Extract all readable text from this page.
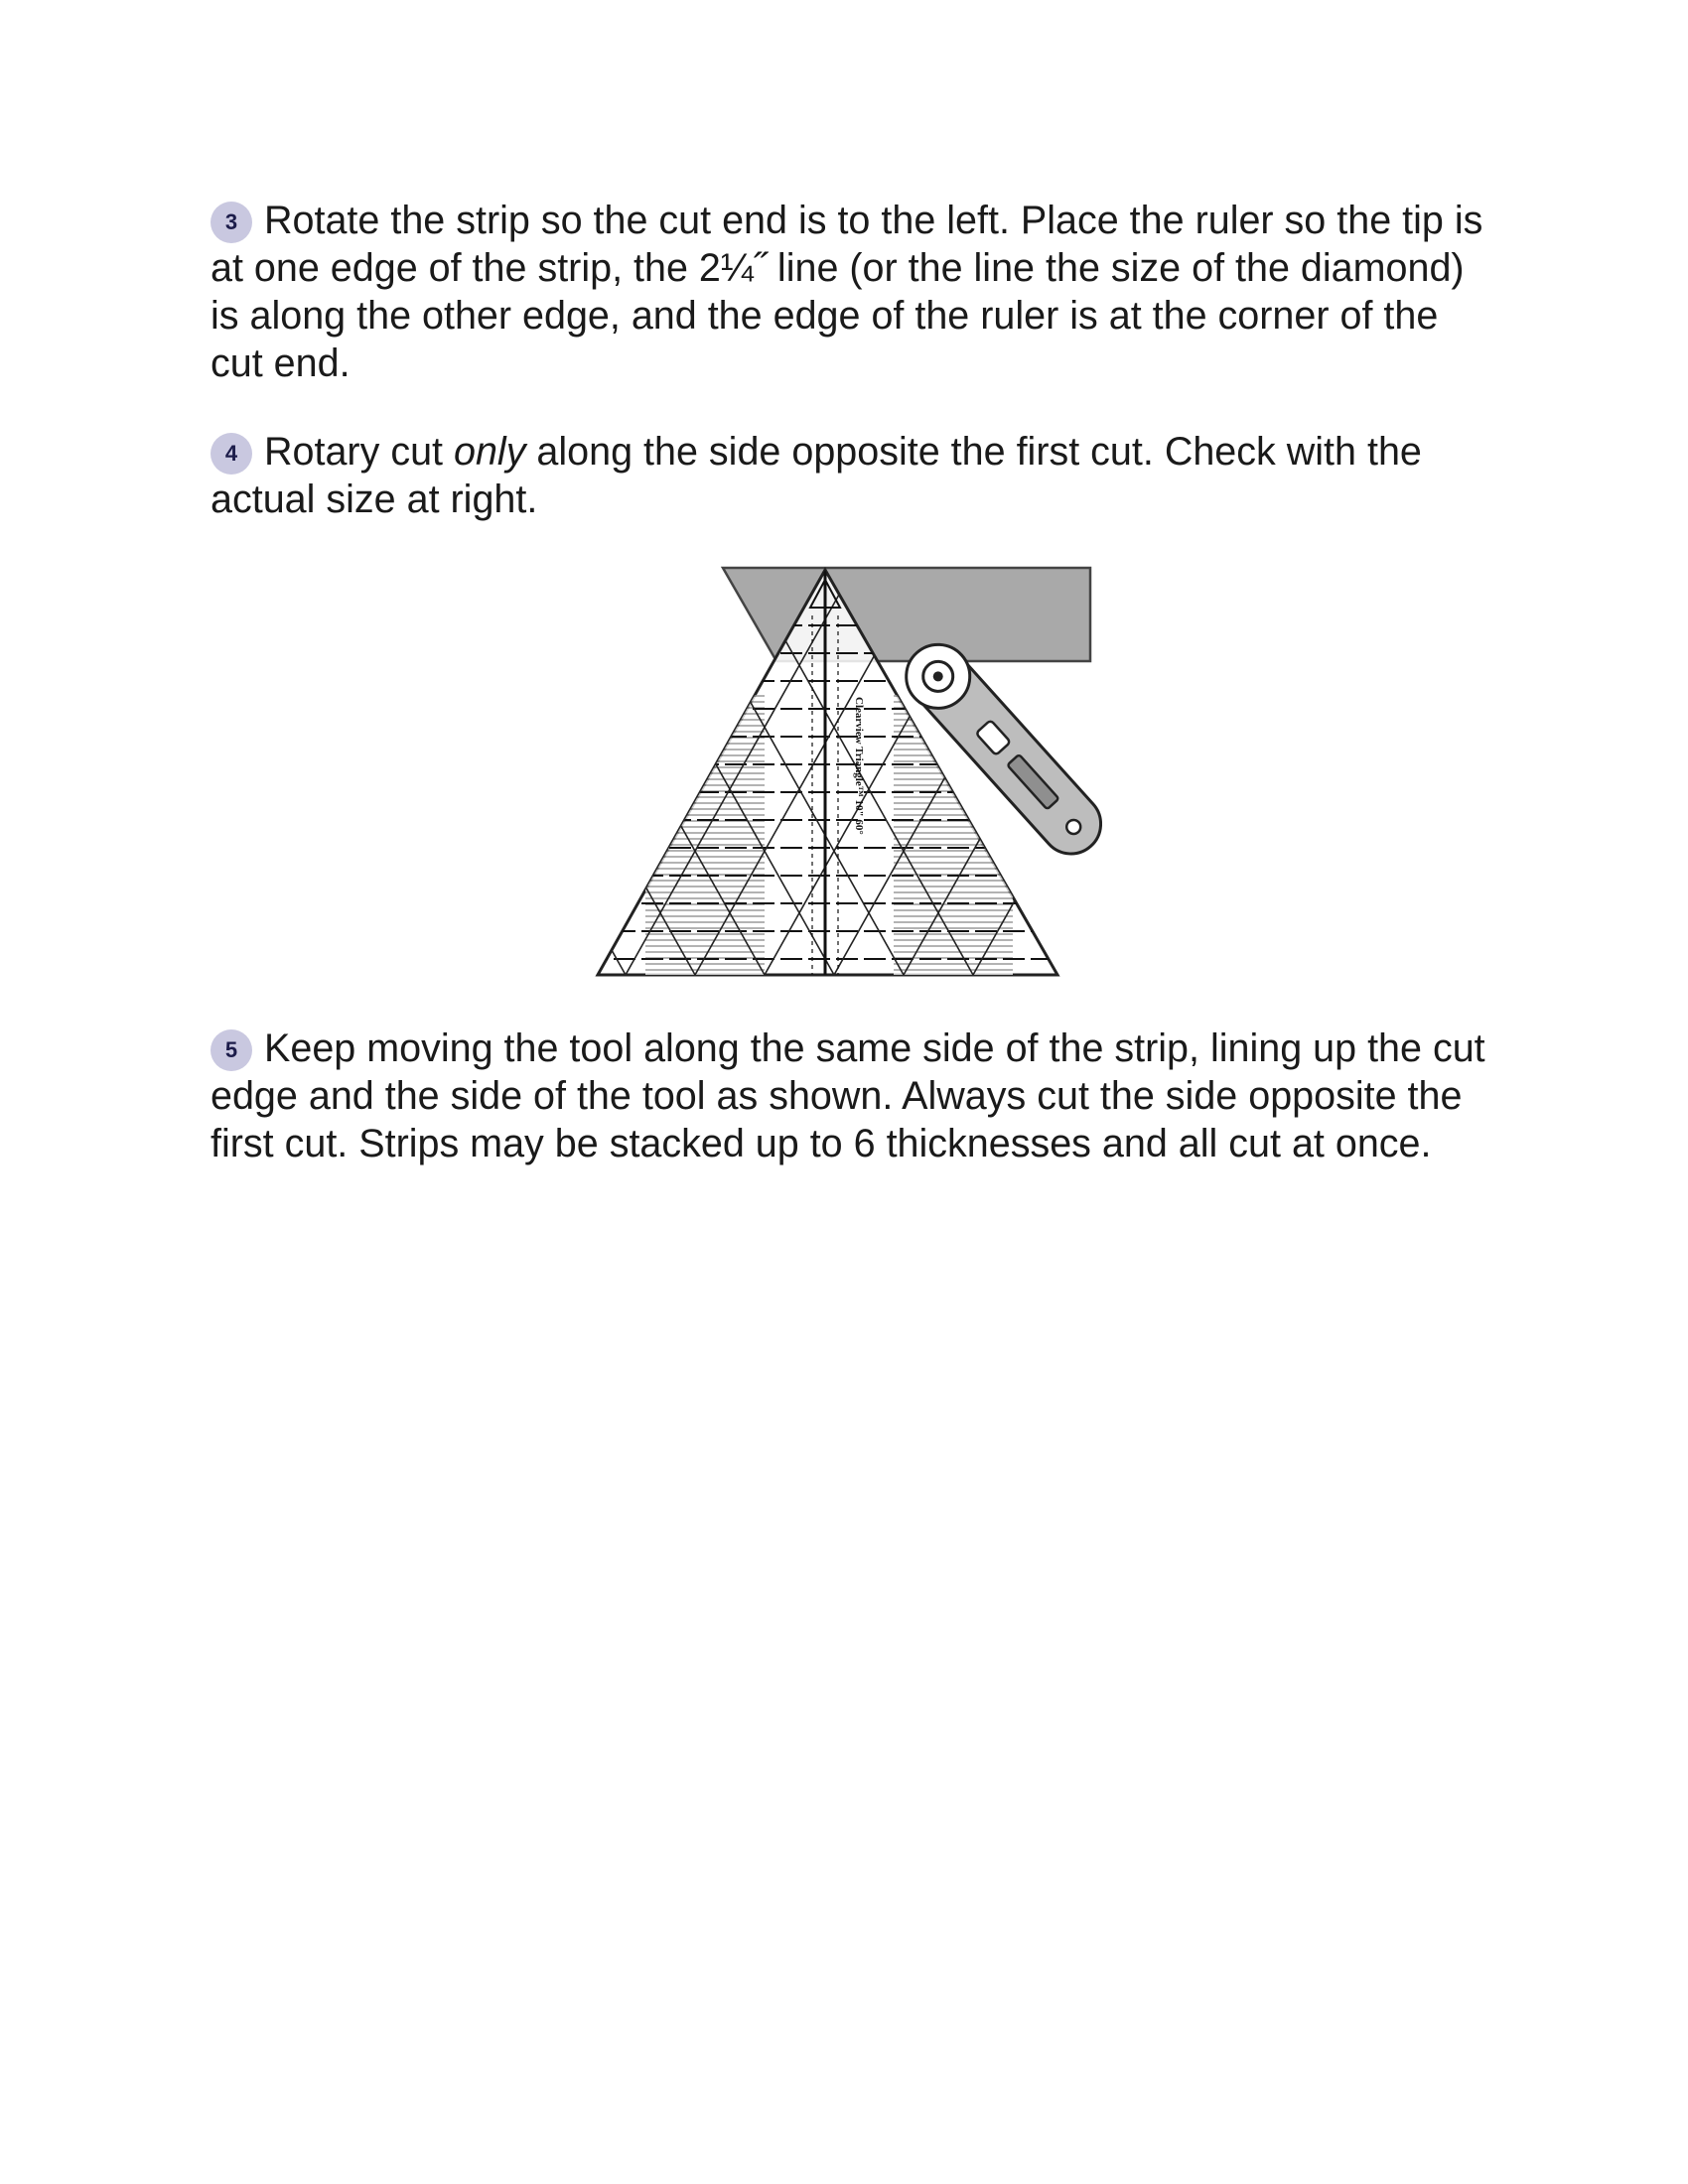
3 Rotate the strip so the cut end is to the left. Place the ruler so the tip is at one edge of the strip, the 2¼˝ line (or the line the size of the diamond) is along the other edge, and the edge of the ruler is at the corner of the cut end.

4 Rotary cut only along the side opposite the first cut. Check with the actual size at right.

Clearview Triangle™ 10" 60°

5 Keep moving the tool along the same side of the strip, lining up the cut edge and the side of the tool as shown. Always cut the side opposite the first cut. Strips may be stacked up to 6 thicknesses and all cut at once.
